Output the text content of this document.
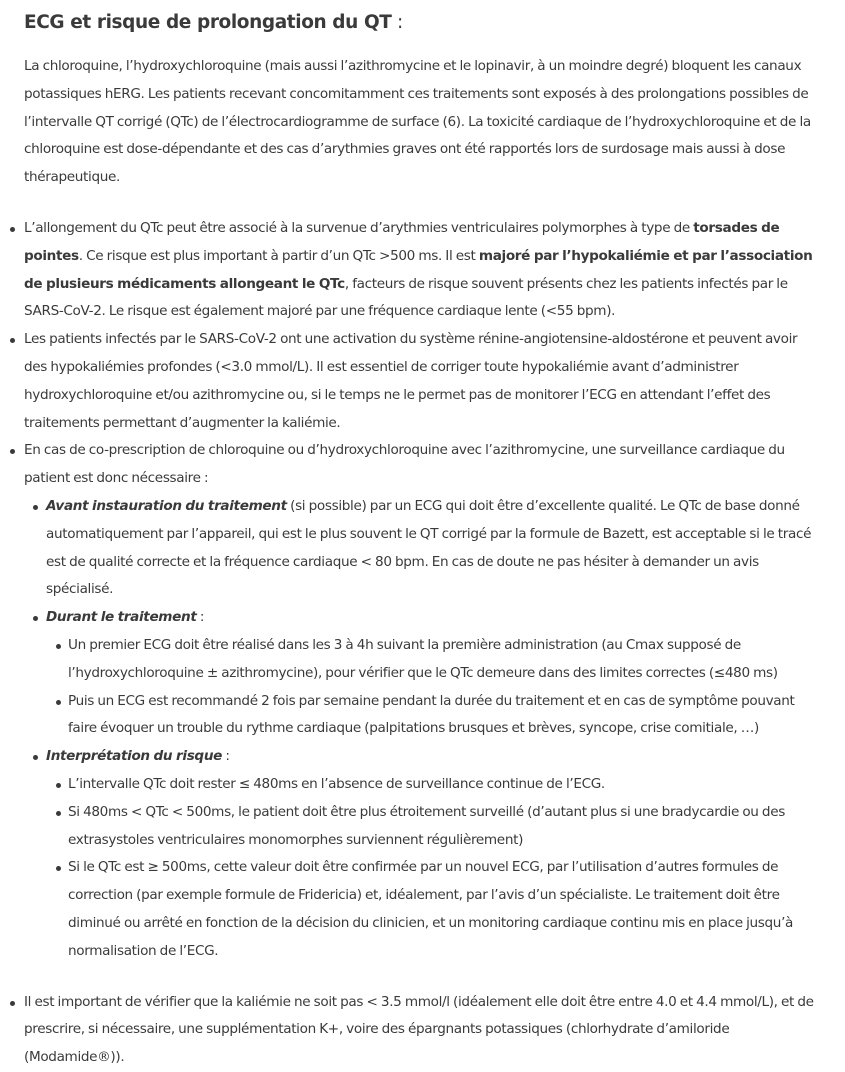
ECG et risque de prolongation du QT :

La chloroquine, l’hydroxychloroquine (mais aussi l’azithromycine et le lopinavir, à un moindre degré) bloquent les canaux potassiques hERG. Les patients recevant concomitamment ces traitements sont exposés à des prolongations possibles de l’intervalle QT corrigé (QTc) de l’électrocardiogramme de surface (6). La toxicité cardiaque de l’hydroxychloroquine et de la chloroquine est dose-dépendante et des cas d’arythmies graves ont été rapportés lors de surdosage mais aussi à dose thérapeutique.

L’allongement du QTc peut être associé à la survenue d’arythmies ventriculaires polymorphes à type de torsades de pointes. Ce risque est plus important à partir d’un QTc >500 ms. Il est majoré par l’hypokaliémie et par l’association de plusieurs médicaments allongeant le QTc, facteurs de risque souvent présents chez les patients infectés par le SARS-CoV-2. Le risque est également majoré par une fréquence cardiaque lente (<55 bpm).
Les patients infectés par le SARS-CoV-2 ont une activation du système rénine-angiotensine-aldostérone et peuvent avoir des hypokaliémies profondes (<3.0 mmol/L). Il est essentiel de corriger toute hypokaliémie avant d’administrer hydroxychloroquine et/ou azithromycine ou, si le temps ne le permet pas de monitorer l’ECG en attendant l’effet des traitements permettant d’augmenter la kaliémie.
En cas de co-prescription de chloroquine ou d’hydroxychloroquine avec l’azithromycine, une surveillance cardiaque du patient est donc nécessaire :
Avant instauration du traitement (si possible) par un ECG qui doit être d’excellente qualité. Le QTc de base donné automatiquement par l’appareil, qui est le plus souvent le QT corrigé par la formule de Bazett, est acceptable si le tracé est de qualité correcte et la fréquence cardiaque < 80 bpm. En cas de doute ne pas hésiter à demander un avis spécialisé.
Durant le traitement :
Un premier ECG doit être réalisé dans les 3 à 4h suivant la première administration (au Cmax supposé de l’hydroxychloroquine ± azithromycine), pour vérifier que le QTc demeure dans des limites correctes (≤480 ms)
Puis un ECG est recommandé 2 fois par semaine pendant la durée du traitement et en cas de symptôme pouvant faire évoquer un trouble du rythme cardiaque (palpitations brusques et brèves, syncope, crise comitiale, …)
Interprétation du risque :
L’intervalle QTc doit rester ≤ 480ms en l’absence de surveillance continue de l’ECG.
Si 480ms < QTc < 500ms, le patient doit être plus étroitement surveillé (d’autant plus si une bradycardie ou des extrasystoles ventriculaires monomorphes surviennent régulièrement)
Si le QTc est ≥ 500ms, cette valeur doit être confirmée par un nouvel ECG, par l’utilisation d’autres formules de correction (par exemple formule de Fridericia) et, idéalement, par l’avis d’un spécialiste. Le traitement doit être diminué ou arrêté en fonction de la décision du clinicien, et un monitoring cardiaque continu mis en place jusqu’à normalisation de l’ECG.
Il est important de vérifier que la kaliémie ne soit pas < 3.5 mmol/l (idéalement elle doit être entre 4.0 et 4.4 mmol/L), et de prescrire, si nécessaire, une supplémentation K+, voire des épargnants potassiques (chlorhydrate d’amiloride (Modamide®)).
